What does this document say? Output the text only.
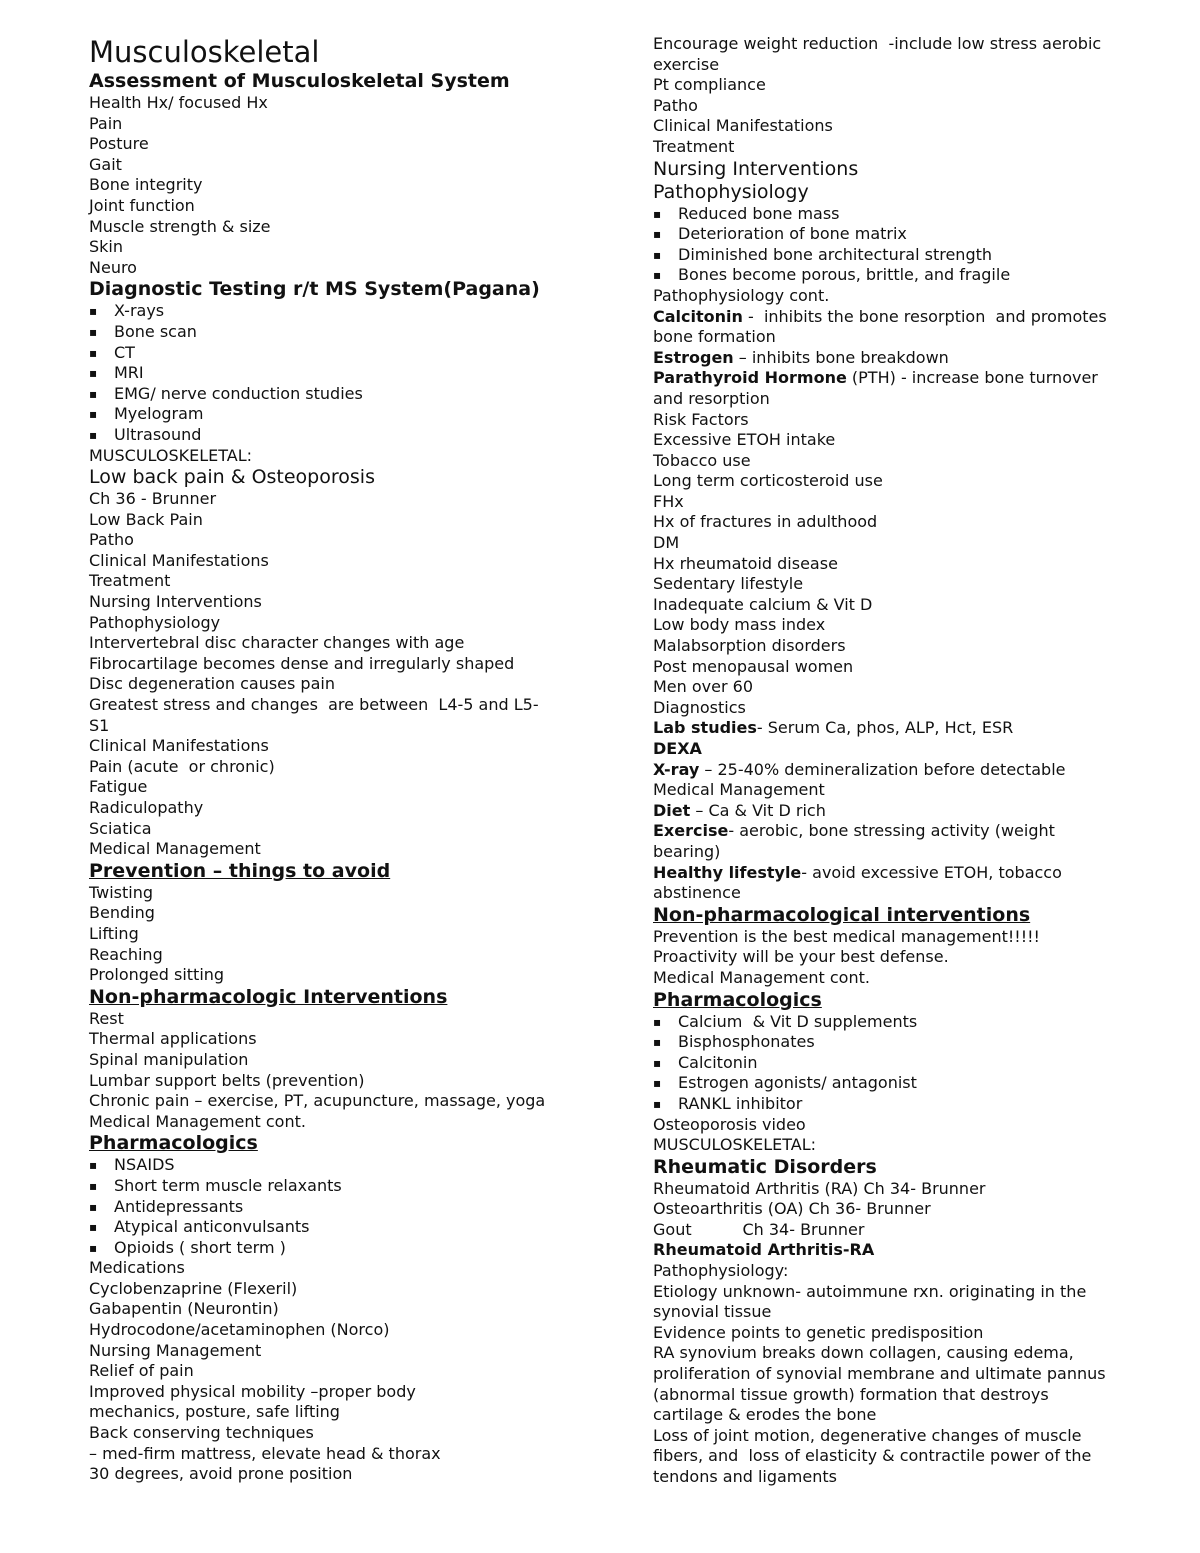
Musculoskeletal
Assessment of Musculoskeletal System
Health Hx/ focused Hx
Pain
Posture
Gait
Bone integrity
Joint function
Muscle strength & size
Skin
Neuro
Diagnostic Testing r/t MS System(Pagana)
▪ X-rays
▪ Bone scan
▪ CT
▪ MRI
▪ EMG/ nerve conduction studies
▪ Myelogram
▪ Ultrasound
MUSCULOSKELETAL:
Low back pain & Osteoporosis
Ch 36 - Brunner
Low Back Pain
Patho
Clinical Manifestations
Treatment
Nursing Interventions
Pathophysiology
Intervertebral disc character changes with age
Fibrocartilage becomes dense and irregularly shaped
Disc degeneration causes pain
Greatest stress and changes  are between  L4-5 and L5-
S1
Clinical Manifestations
Pain (acute  or chronic)
Fatigue
Radiculopathy
Sciatica
Medical Management
Prevention – things to avoid
Twisting
Bending
Lifting
Reaching
Prolonged sitting
Non-pharmacologic Interventions
Rest
Thermal applications
Spinal manipulation
Lumbar support belts (prevention)
Chronic pain – exercise, PT, acupuncture, massage, yoga
Medical Management cont.
Pharmacologics
▪ NSAIDS
▪ Short term muscle relaxants
▪ Antidepressants
▪ Atypical anticonvulsants
▪ Opioids ( short term )
Medications
Cyclobenzaprine (Flexeril)
Gabapentin (Neurontin)
Hydrocodone/acetaminophen (Norco)
Nursing Management
Relief of pain
Improved physical mobility –proper body
mechanics, posture, safe lifting
Back conserving techniques
– med-firm mattress, elevate head & thorax
30 degrees, avoid prone position
Encourage weight reduction  -include low stress aerobic
exercise
Pt compliance
Patho
Clinical Manifestations
Treatment
Nursing Interventions
Pathophysiology
▪ Reduced bone mass
▪ Deterioration of bone matrix
▪ Diminished bone architectural strength
▪ Bones become porous, brittle, and fragile
Pathophysiology cont.
Calcitonin -  inhibits the bone resorption  and promotes
bone formation
Estrogen – inhibits bone breakdown
Parathyroid Hormone (PTH) - increase bone turnover
and resorption
Risk Factors
Excessive ETOH intake
Tobacco use
Long term corticosteroid use
FHx
Hx of fractures in adulthood
DM
Hx rheumatoid disease
Sedentary lifestyle
Inadequate calcium & Vit D
Low body mass index
Malabsorption disorders
Post menopausal women
Men over 60
Diagnostics
Lab studies- Serum Ca, phos, ALP, Hct, ESR
DEXA
X-ray – 25-40% demineralization before detectable
Medical Management
Diet – Ca & Vit D rich
Exercise- aerobic, bone stressing activity (weight
bearing)
Healthy lifestyle- avoid excessive ETOH, tobacco
abstinence
Non-pharmacological interventions
Prevention is the best medical management!!!!!
Proactivity will be your best defense.
Medical Management cont.
Pharmacologics
▪ Calcium  & Vit D supplements
▪ Bisphosphonates
▪ Calcitonin
▪ Estrogen agonists/ antagonist
▪ RANKL inhibitor
Osteoporosis video
MUSCULOSKELETAL:
Rheumatic Disorders
Rheumatoid Arthritis (RA) Ch 34- Brunner
Osteoarthritis (OA) Ch 36- Brunner
Gout          Ch 34- Brunner
Rheumatoid Arthritis-RA
Pathophysiology:
Etiology unknown- autoimmune rxn. originating in the
synovial tissue
Evidence points to genetic predisposition
RA synovium breaks down collagen, causing edema,
proliferation of synovial membrane and ultimate pannus
(abnormal tissue growth) formation that destroys
cartilage & erodes the bone
Loss of joint motion, degenerative changes of muscle
fibers, and  loss of elasticity & contractile power of the
tendons and ligaments
